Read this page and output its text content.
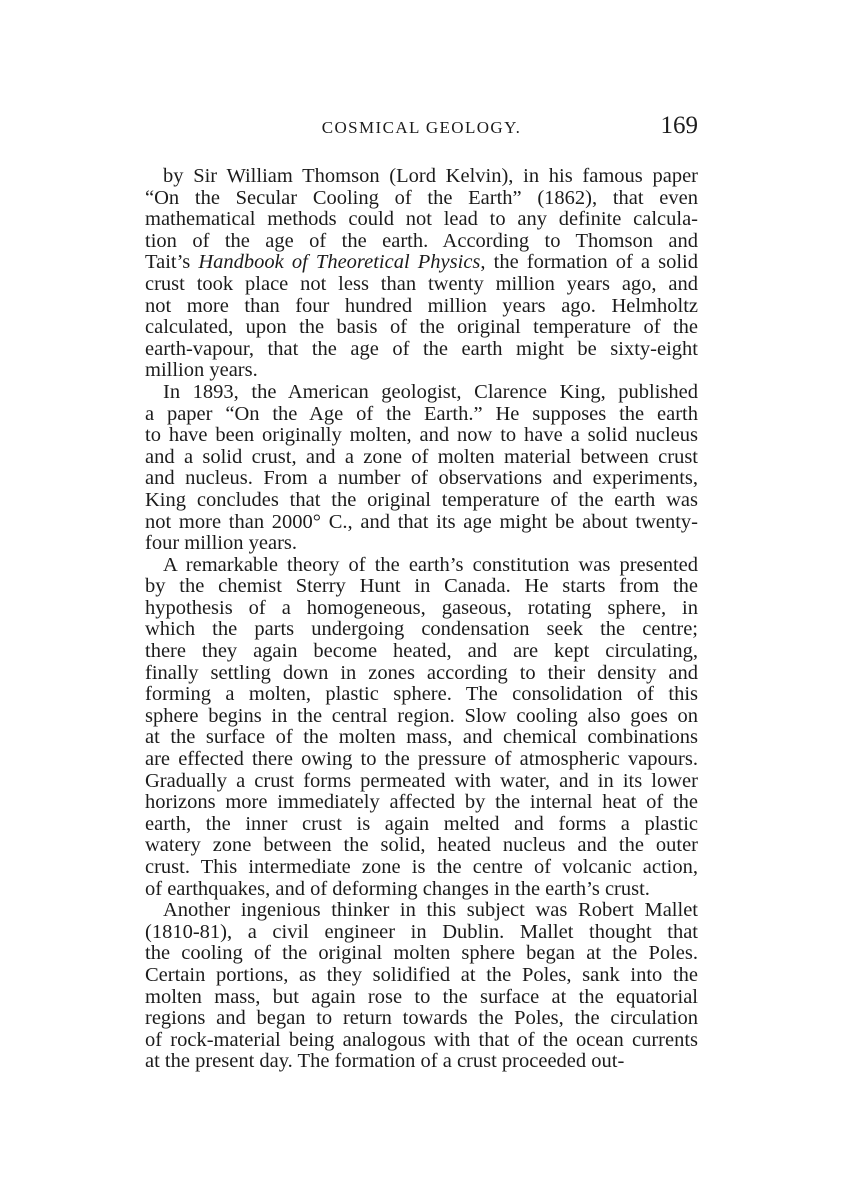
COSMICAL GEOLOGY.	169
by Sir William Thomson (Lord Kelvin), in his famous paper
“On the Secular Cooling of the Earth” (1862), that even
mathematical methods could not lead to any definite calcula-
tion of the age of the earth. According to Thomson and
Tait’s Handbook of Theoretical Physics, the formation of a solid
crust took place not less than twenty million years ago, and
not more than four hundred million years ago. Helmholtz
calculated, upon the basis of the original temperature of the
earth-vapour, that the age of the earth might be sixty-eight
million years.
In 1893, the American geologist, Clarence King, published
a paper “On the Age of the Earth.” He supposes the earth
to have been originally molten, and now to have a solid nucleus
and a solid crust, and a zone of molten material between crust
and nucleus. From a number of observations and experiments,
King concludes that the original temperature of the earth was
not more than 2000° C., and that its age might be about twenty-
four million years.
A remarkable theory of the earth’s constitution was presented
by the chemist Sterry Hunt in Canada. He starts from the
hypothesis of a homogeneous, gaseous, rotating sphere, in
which the parts undergoing condensation seek the centre;
there they again become heated, and are kept circulating,
finally settling down in zones according to their density and
forming a molten, plastic sphere. The consolidation of this
sphere begins in the central region. Slow cooling also goes on
at the surface of the molten mass, and chemical combinations
are effected there owing to the pressure of atmospheric vapours.
Gradually a crust forms permeated with water, and in its lower
horizons more immediately affected by the internal heat of the
earth, the inner crust is again melted and forms a plastic
watery zone between the solid, heated nucleus and the outer
crust. This intermediate zone is the centre of volcanic action,
of earthquakes, and of deforming changes in the earth’s crust.
Another ingenious thinker in this subject was Robert Mallet
(1810-81), a civil engineer in Dublin. Mallet thought that
the cooling of the original molten sphere began at the Poles.
Certain portions, as they solidified at the Poles, sank into the
molten mass, but again rose to the surface at the equatorial
regions and began to return towards the Poles, the circulation
of rock-material being analogous with that of the ocean currents
at the present day. The formation of a crust proceeded out-
